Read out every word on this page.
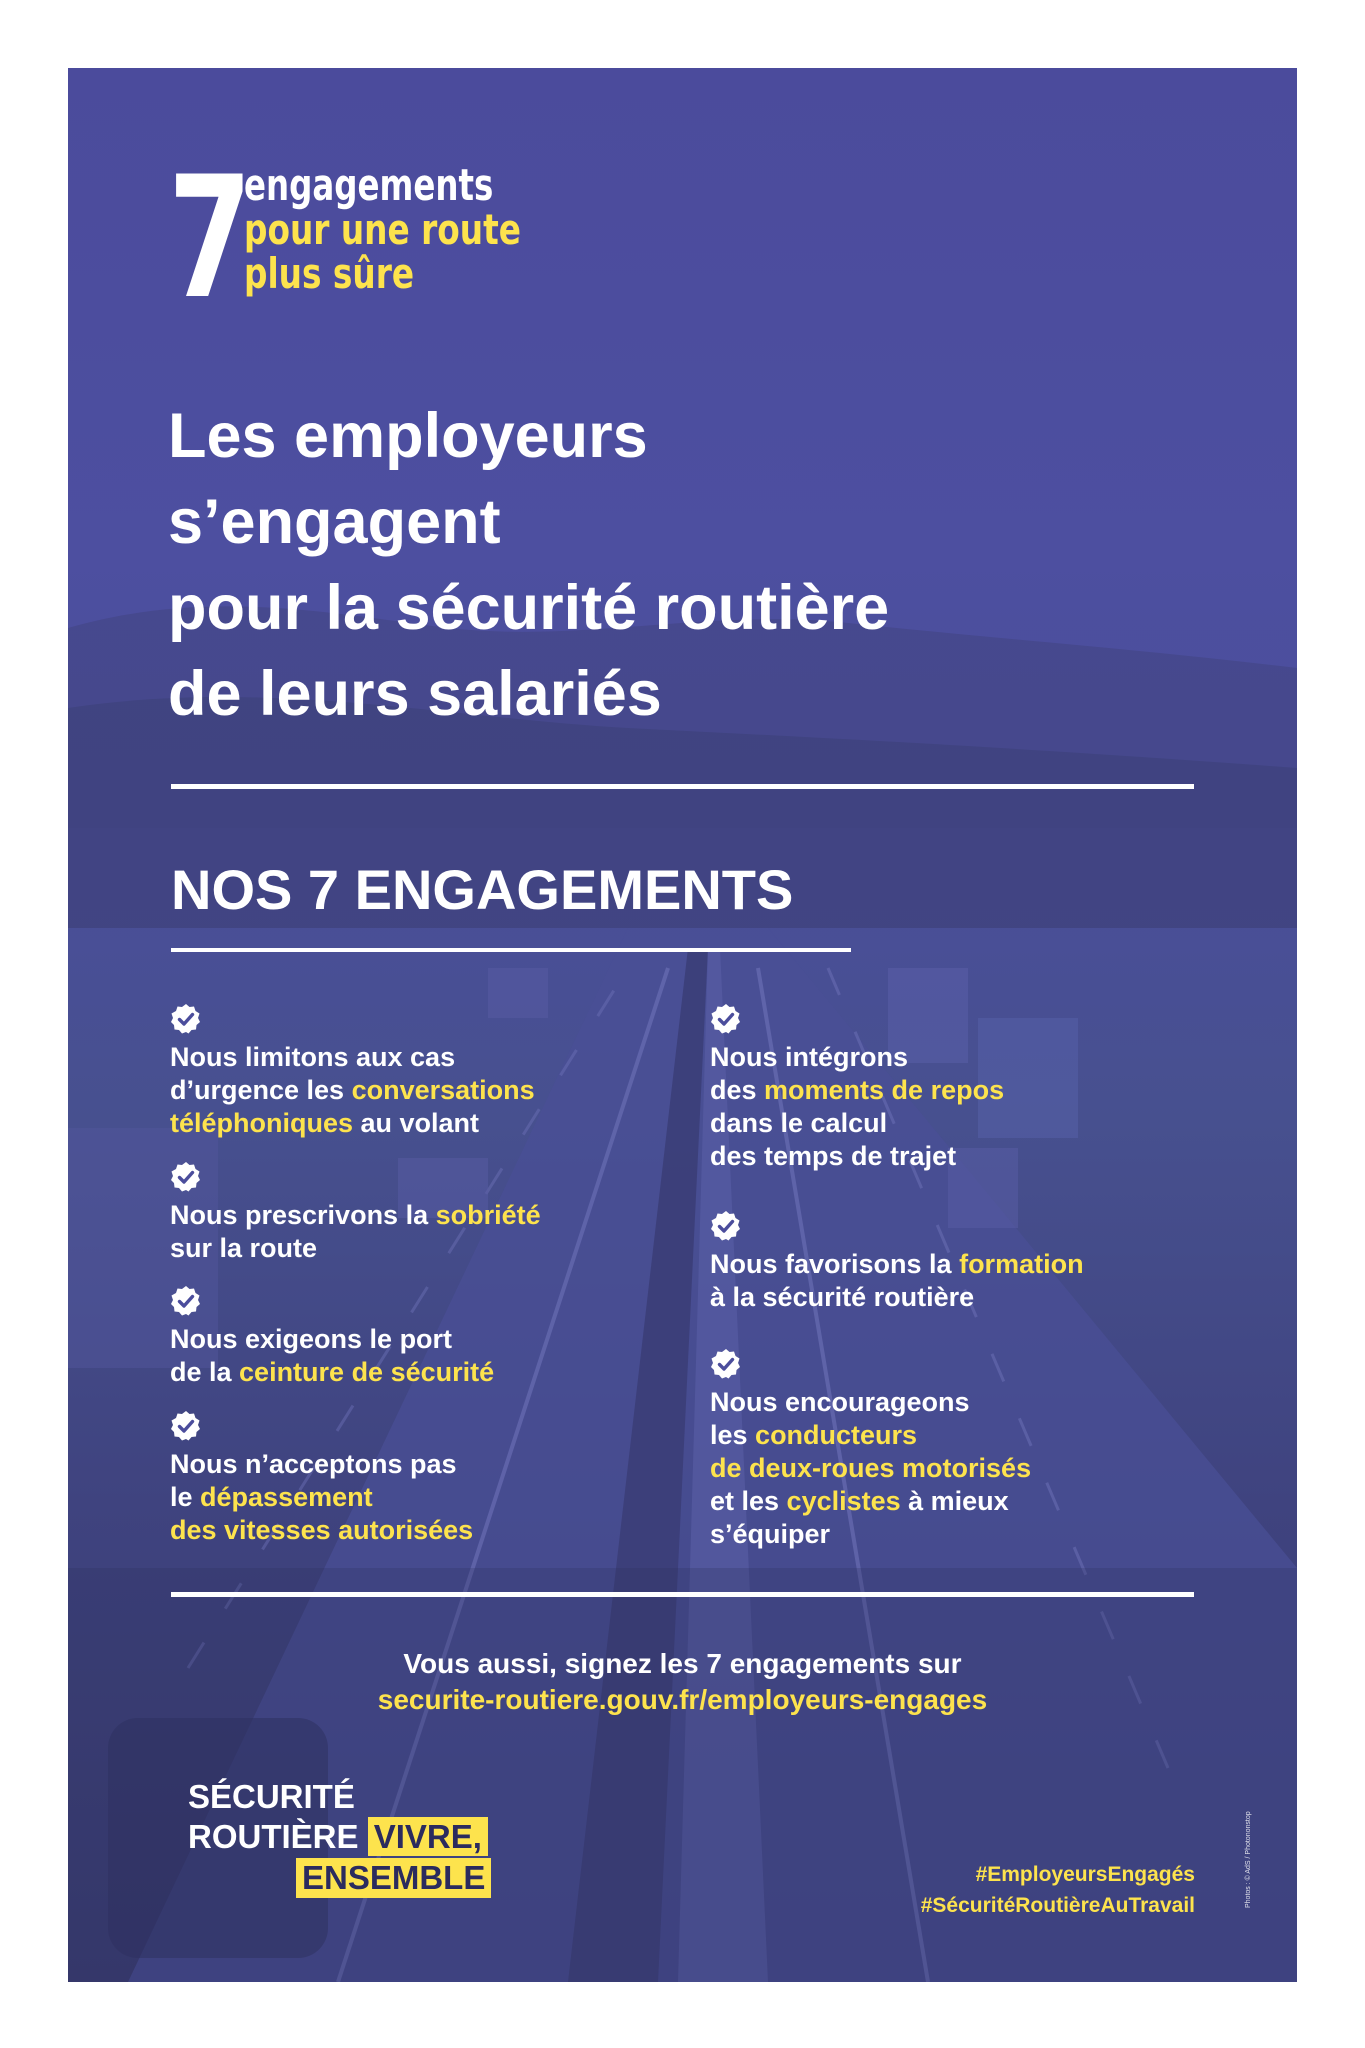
7
engagements
pour une route
plus sûre
Les employeurs
s’engagent
pour la sécurité routière
de leurs salariés
NOS 7 ENGAGEMENTS
Nous limitons aux cas
d’urgence les conversations
téléphoniques au volant
Nous prescrivons la sobriété
sur la route
Nous exigeons le port
de la ceinture de sécurité
Nous n’acceptons pas
le dépassement
des vitesses autorisées
Nous intégrons
des moments de repos
dans le calcul
des temps de trajet
Nous favorisons la formation
à la sécurité routière
Nous encourageons
les conducteurs
de deux-roues motorisés
et les cyclistes à mieux
s’équiper
Vous aussi, signez les 7 engagements sur
securite-routiere.gouv.fr/employeurs-engages
SÉCURITÉ
ROUTIÈRE VIVRE,
ENSEMBLE	#EmployeursEngagés
#SécuritéRoutièreAuTravail	Photos : © AdS / Photononstop
